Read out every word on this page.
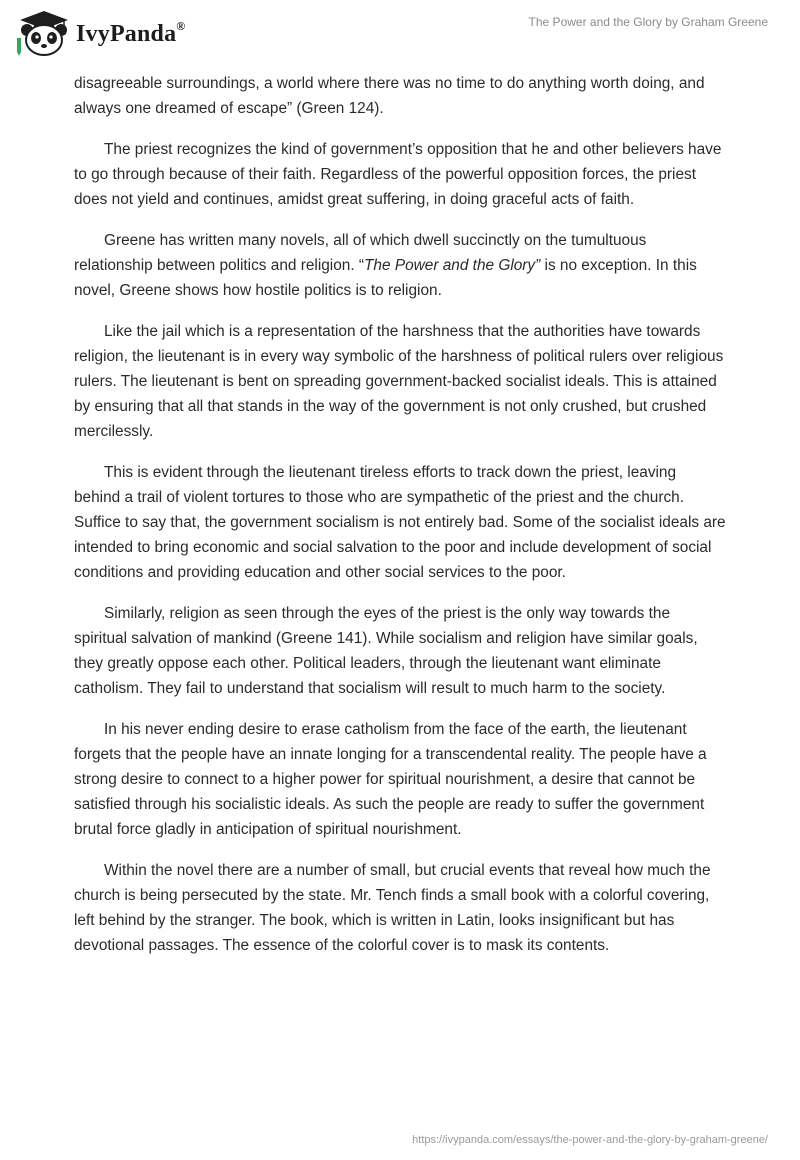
IvyPanda®	The Power and the Glory by Graham Greene

disagreeable surroundings, a world where there was no time to do anything worth doing, and always one dreamed of escape” (Green 124).

The priest recognizes the kind of government’s opposition that he and other believers have to go through because of their faith. Regardless of the powerful opposition forces, the priest does not yield and continues, amidst great suffering, in doing graceful acts of faith.

Greene has written many novels, all of which dwell succinctly on the tumultuous relationship between politics and religion. “The Power and the Glory” is no exception. In this novel, Greene shows how hostile politics is to religion.

Like the jail which is a representation of the harshness that the authorities have towards religion, the lieutenant is in every way symbolic of the harshness of political rulers over religious rulers. The lieutenant is bent on spreading government-backed socialist ideals. This is attained by ensuring that all that stands in the way of the government is not only crushed, but crushed mercilessly.

This is evident through the lieutenant tireless efforts to track down the priest, leaving behind a trail of violent tortures to those who are sympathetic of the priest and the church. Suffice to say that, the government socialism is not entirely bad. Some of the socialist ideals are intended to bring economic and social salvation to the poor and include development of social conditions and providing education and other social services to the poor.

Similarly, religion as seen through the eyes of the priest is the only way towards the spiritual salvation of mankind (Greene 141). While socialism and religion have similar goals, they greatly oppose each other. Political leaders, through the lieutenant want eliminate catholism. They fail to understand that socialism will result to much harm to the society.

In his never ending desire to erase catholism from the face of the earth, the lieutenant forgets that the people have an innate longing for a transcendental reality. The people have a strong desire to connect to a higher power for spiritual nourishment, a desire that cannot be satisfied through his socialistic ideals. As such the people are ready to suffer the government brutal force gladly in anticipation of spiritual nourishment.

Within the novel there are a number of small, but crucial events that reveal how much the church is being persecuted by the state. Mr. Tench finds a small book with a colorful covering, left behind by the stranger. The book, which is written in Latin, looks insignificant but has devotional passages. The essence of the colorful cover is to mask its contents.

https://ivypanda.com/essays/the-power-and-the-glory-by-graham-greene/
